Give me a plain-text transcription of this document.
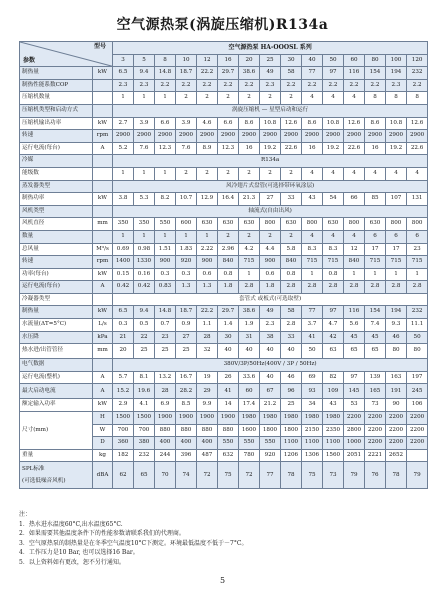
空气源热泵(涡旋压缩机)R134a
参数
型号		空气源热泵 HA-OOOSL 系列														
		3	5	8	10	12	16	20	25	30	40	50	60	80	100	120
制热量	kW	6.5	9.4	14.8	18.7	22.2	29.7	38.6	49	58	77	97	116	154	194	232
制热性能系数COP		2.3	2.3	2.2	2.2	2.2	2.2	2.2	2.3	2.2	2.2	2.2	2.2	2.2	2.3	2.2
压缩机数量		1	1	1	2	2	2	2	2	2	4	4	4	8	8	8
压缩机类型和启动方式		涡旋压缩机 — 星型启动和运行														
压缩机输出功率	kW	2.7	3.9	6.6	3.9	4.6	6.6	8.6	10.8	12.6	8.6	10.8	12.6	8.6	10.8	12.6
转速	rpm	2900	2900	2900	2900	2900	2900	2900	2900	2900	2900	2900	2900	2900	2900	2900
运行电流(每台)	A	5.2	7.6	12.3	7.6	8.9	12.3	16	19.2	22.6	16	19.2	22.6	16	19.2	22.6
冷媒		R134a														
能级数		1	1	1	2	2	2	2	2	2	4	4	4	4	4	4
蒸发器类型		风冷翅片式盘管(可选择带环氧涂层)														
制热功率	kW	3.8	5.3	8.2	10.7	12.9	16.4	21.3	27	33	43	54	66	85	107	131
风机类型		轴流式(自由出风)														
风机直径	mm	350	350	550	600	630	630	630	800	630	800	630	800	630	800	800
数量		1	1	1	1	1	2	2	2	2	4	4	4	6	6	6
总风量	M³/s	0.69	0.98	1.51	1.83	2.22	2.96	4.2	4.4	5.8	8.3	8.3	12	17	17	23
转速	rpm	1400	1330	900	920	900	840	715	900	840	715	715	840	715	715	715
功率(每台)	kW	0.15	0.16	0.3	0.3	0.6	0.8	1	0.6	0.8	1	0.8	1	1	1	1
运行电流(每台)	A	0.42	0.42	0.83	1.3	1.3	1.8	2.8	1.8	2.8	2.8	2.8	2.8	2.8	2.8	2.8
冷凝器类型		套管式 或板式(可选取壁)														
制热量	kW	6.5	9.4	14.8	18.7	22.2	29.7	38.6	49	58	77	97	116	154	194	232
水流量(ΔT=5°C)	L/s	0.3	0.5	0.7	0.9	1.1	1.4	1.9	2.3	2.8	3.7	4.7	5.6	7.4	9.3	11.1
水压降	kPa	21	22	23	27	28	30	31	38	33	41	42	45	45	46	50
热水进/出管管径	mm	20	25	25	25	32	40	40	40	40	50	63	65	65	80	80
电气数据		380V/3P/50Hz(400V / 3P / 50Hz)														
运行电流(整机)	A	5.7	8.1	13.2	16.7	19	26	33.6	40	46	69	82	97	139	163	197
最大启动电流	A	15.2	19.6	28	28.2	29	41	60	67	96	93	109	145	165	191	245
额定输入功率	kW	2.9	4.1	6.9	8.5	9.9	14	17.4	21.2	25	34	43	53	73	90	106
尺寸(mm)	H	1500	1500	1900	1900	1900	1900	1980	1980	1980	1980	1980	2200	2200	2200	2200
	W	700	700	880	880	880	880	1600	1800	1800	2150	2350	2800	2200	2200	2200
	D	360	380	400	400	400	550	550	550	1100	1100	1100	1000	2200	2200	2200
重量	kg	182	232	244	396	487	632	780	920	1206	1306	1560	2051	2221	2652	

SPL标准
(可选低噪音风机)	dBA	62	65	70	74	72	75	72	77	78	75	73	79	76	78	79
注：
1．热水进水温度60°C,出水温度65°C.
2．如果需要其他温度条件下的性能参数请联系我们的代理商。
3．空气原热泵的制热量是在冬季空气温度10°C下测定。环境最低温度不低于－7°C。
4．工作压力是10 Bar, 也可以选择16 Bar。
5．以上资料如有更改，恕不另行通知。
5
